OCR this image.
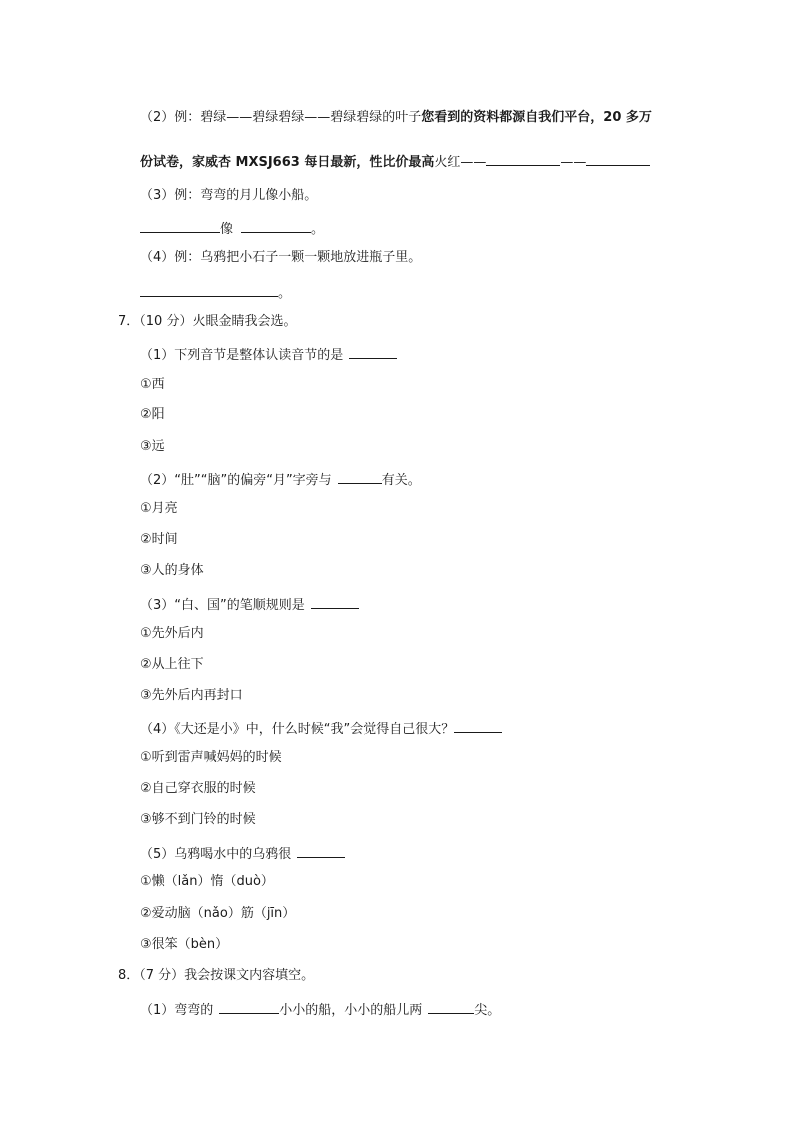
（2）例：碧绿——碧绿碧绿——碧绿碧绿的叶子您看到的资料都源自我们平台，20 多万
份试卷，家威杏 MXSJ663 每日最新，性比价最高火红——	——
（3）例：弯弯的月儿像小船。
像	。
（4）例：乌鸦把小石子一颗一颗地放进瓶子里。
。
7．（10 分）火眼金睛我会选。
（1）下列音节是整体认读音节的是
①西
②阳
③远
（2）“肚”“脑”的偏旁“月”字旁与	有关。
①月亮
②时间
③人的身体
（3）“白、国”的笔顺规则是
①先外后内
②从上往下
③先外后内再封口
（4）《大还是小》中，什么时候“我”会觉得自己很大？
①听到雷声喊妈妈的时候
②自己穿衣服的时候
③够不到门铃的时候
（5）乌鸦喝水中的乌鸦很
①懒（lǎn）惰（duò）
②爱动脑（nǎo）筋（jīn）
③很笨（bèn）
8．（7 分）我会按课文内容填空。
（1）弯弯的	小小的船，小小的船儿两	尖。
